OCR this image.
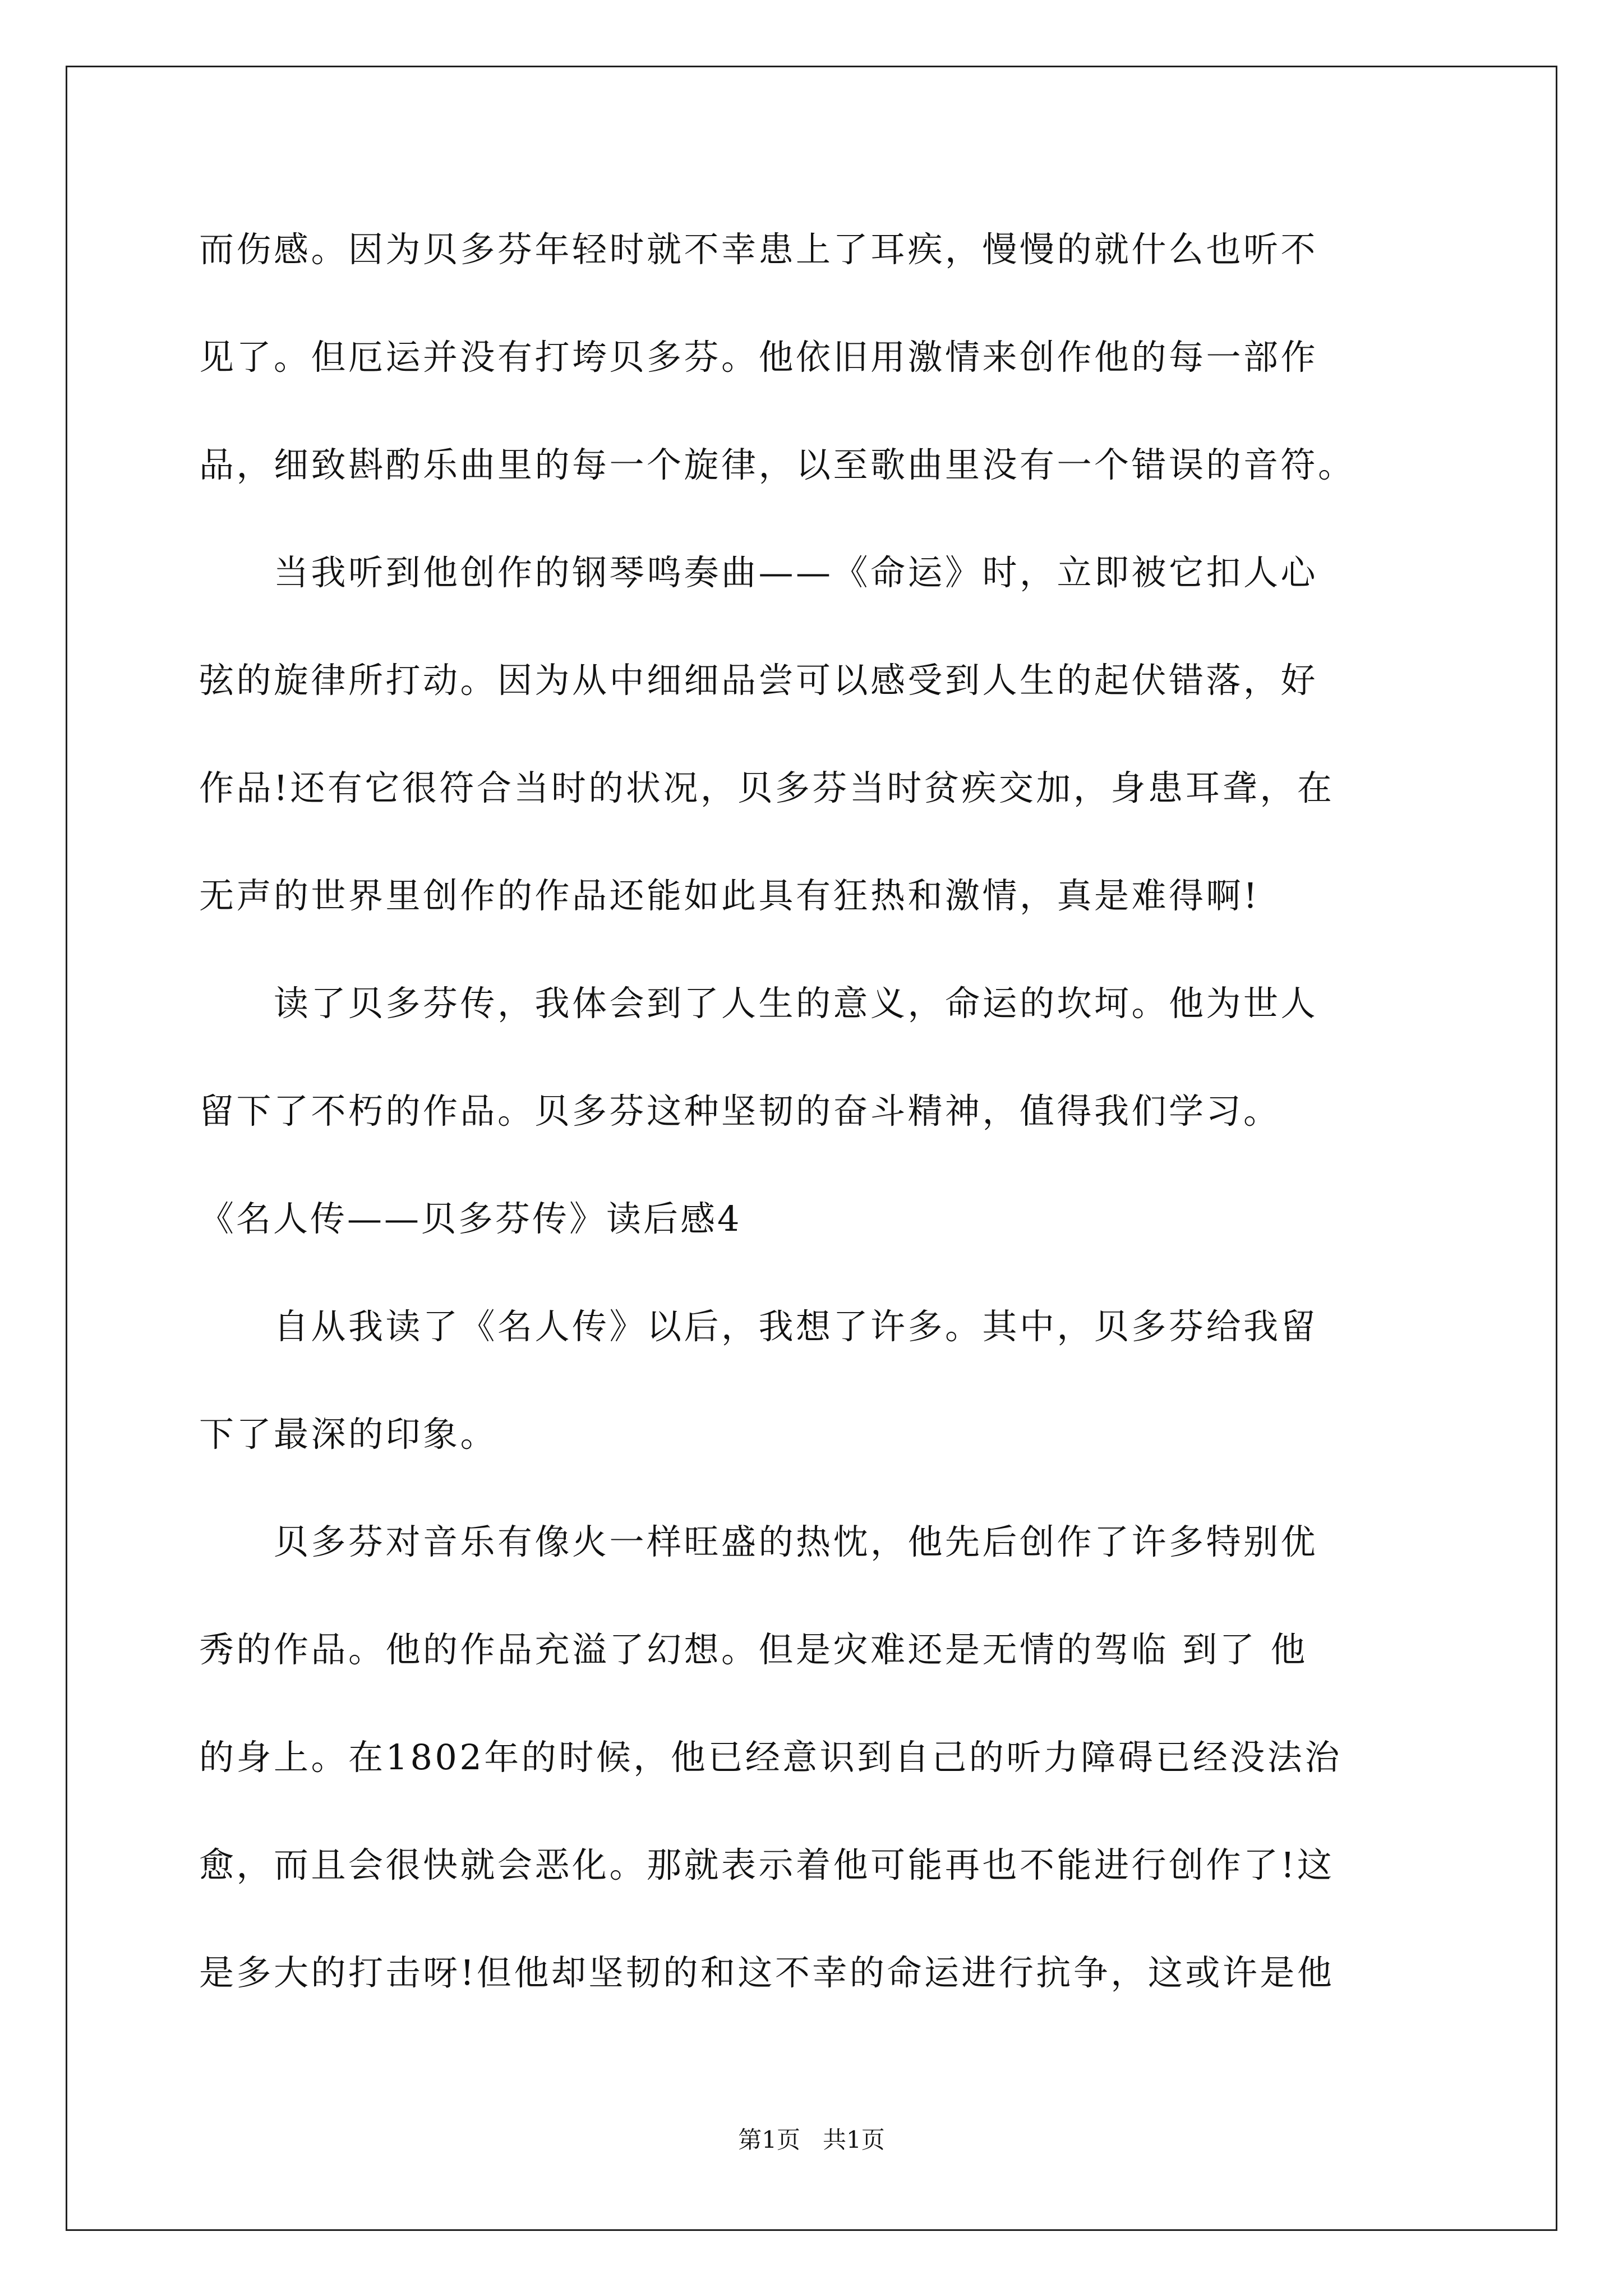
而伤感。因为贝多芬年轻时就不幸患上了耳疾，慢慢的就什么也听不
见了。但厄运并没有打垮贝多芬。他依旧用激情来创作他的每一部作
品，细致斟酌乐曲里的每一个旋律，以至歌曲里没有一个错误的音符。
　　当我听到他创作的钢琴鸣奏曲——《命运》时，立即被它扣人心
弦的旋律所打动。因为从中细细品尝可以感受到人生的起伏错落，好
作品!还有它很符合当时的状况，贝多芬当时贫疾交加，身患耳聋，在
无声的世界里创作的作品还能如此具有狂热和激情，真是难得啊!
　　读了贝多芬传，我体会到了人生的意义，命运的坎坷。他为世人
留下了不朽的作品。贝多芬这种坚韧的奋斗精神，值得我们学习。
《名人传——贝多芬传》读后感4
　　自从我读了《名人传》以后，我想了许多。其中，贝多芬给我留
下了最深的印象。
　　贝多芬对音乐有像火一样旺盛的热忱，他先后创作了许多特别优
秀的作品。他的作品充溢了幻想。但是灾难还是无情的驾临 到了 他
的身上。在1802年的时候，他已经意识到自己的听力障碍已经没法治
愈，而且会很快就会恶化。那就表示着他可能再也不能进行创作了!这
是多大的打击呀!但他却坚韧的和这不幸的命运进行抗争，这或许是他
第1页   共1页
